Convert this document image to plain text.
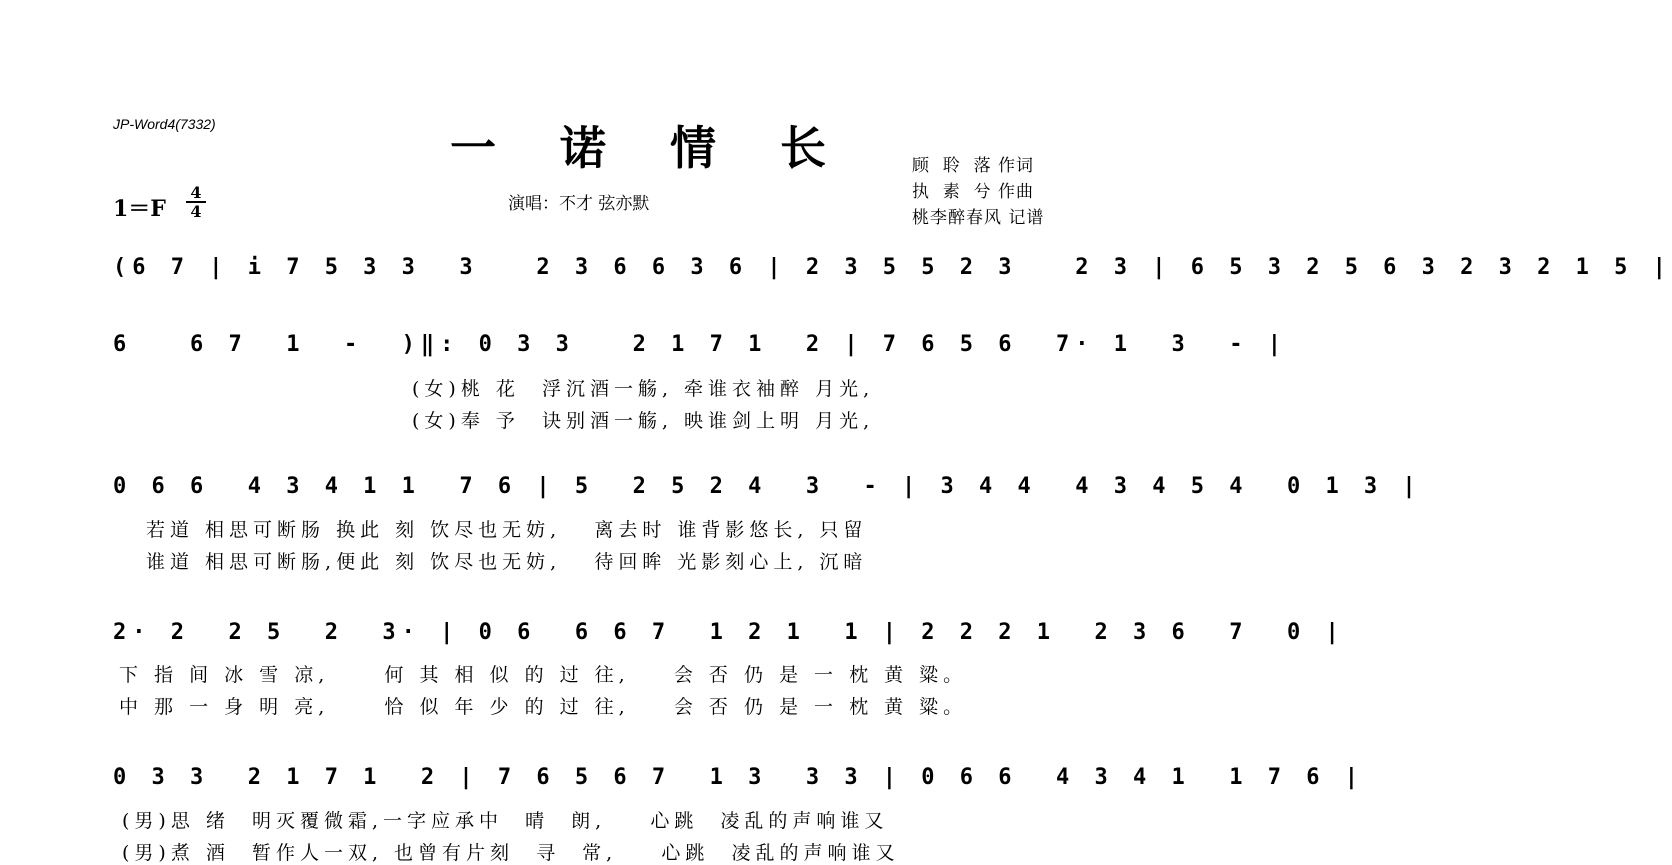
JP-Word4(7332)	一 诺 情 长
1＝F
4
4	演唱：不才 弦亦默
顾  聆  落 作词
执  素  兮 作曲
桃李醉春风 记谱
(6 7 | i 7 5 3 3  3   2 3 6 6 3 6 | 2 3 5 5 2 3   2 3 | 6 5 3 2 5 6 3 2 3 2 1 5 |
6   6 7  1  -  )‖: 0 3 3   2 1 7 1  2 | 7 6 5 6  7· 1  3  - |
(女)桃 花  浮沉酒一觞, 牵谁衣袖醉 月光,
(女)奉 予  诀别酒一觞, 映谁剑上明 月光,
0 6 6  4 3 4 1 1  7 6 | 5  2 5 2 4  3  - | 3 4 4  4 3 4 5 4  0 1 3 |
若道 相思可断肠 换此 刻 饮尽也无妨,   离去时 谁背影悠长, 只留
谁道 相思可断肠,便此 刻 饮尽也无妨,   待回眸 光影刻心上, 沉暗
2· 2  2 5  2  3· | 0 6  6 6 7  1 2 1  1 | 2 2 2 1  2 3 6  7  0 |
下 指 间 冰 雪 凉,     何 其 相 似 的 过 往,    会 否 仍 是 一 枕 黄 粱。
中 那 一 身 明 亮,     恰 似 年 少 的 过 往,    会 否 仍 是 一 枕 黄 粱。
0 3 3  2 1 7 1  2 | 7 6 5 6 7  1 3  3 3 | 0 6 6  4 3 4 1  1 7 6 |
(男)思 绪  明灭覆微霜,一字应承中  晴  朗,    心跳  凌乱的声响谁又
(男)煮 酒  暂作人一双, 也曾有片刻  寻  常,    心跳  凌乱的声响谁又
